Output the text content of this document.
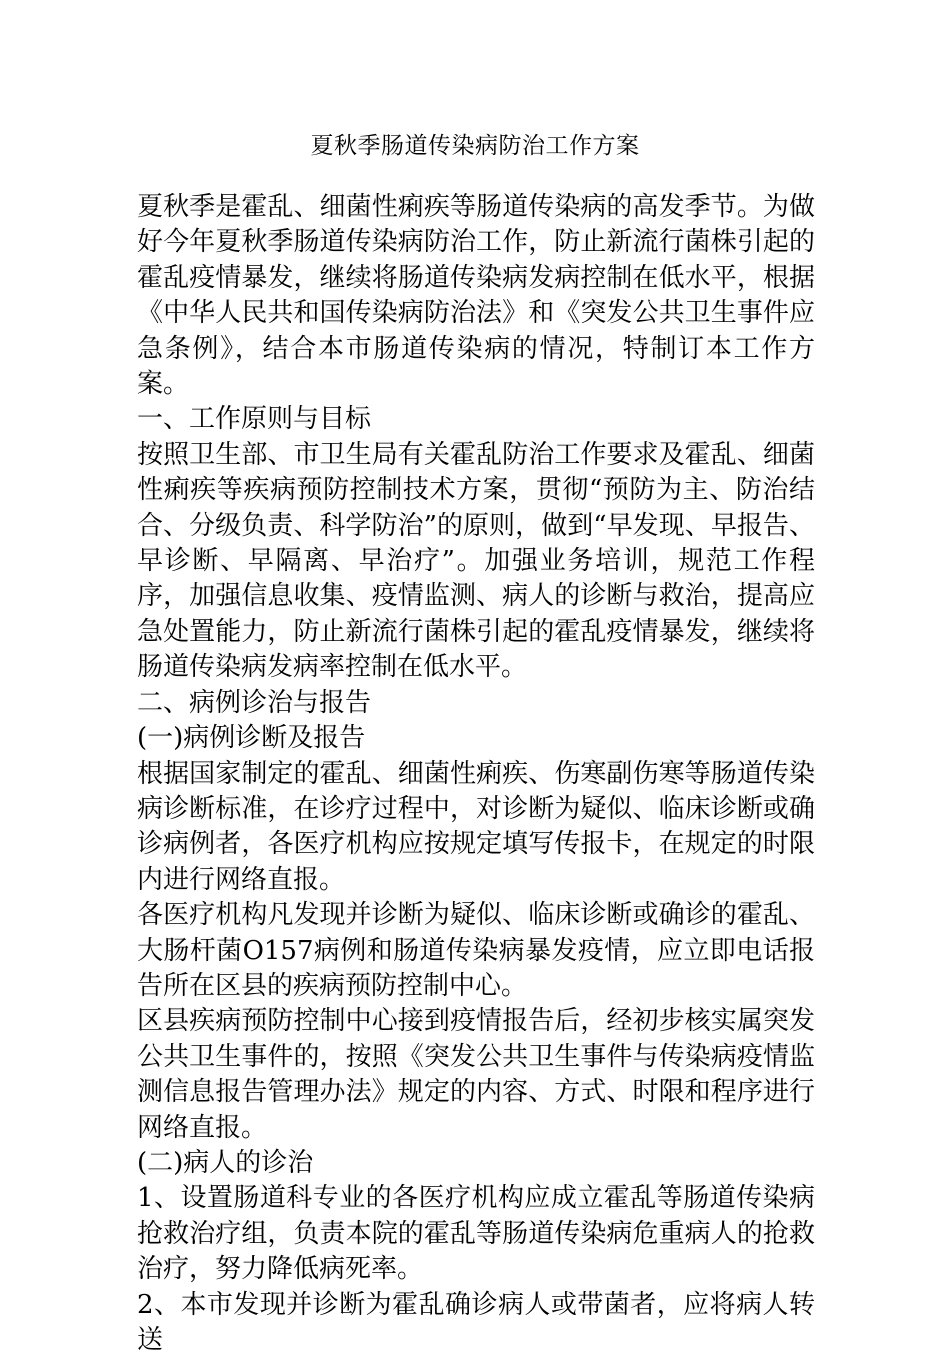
夏秋季肠道传染病防治工作方案

夏秋季是霍乱、细菌性痢疾等肠道传染病的高发季节。为做好今年夏秋季肠道传染病防治工作，防止新流行菌株引起的霍乱疫情暴发，继续将肠道传染病发病控制在低水平，根据《中华人民共和国传染病防治法》和《突发公共卫生事件应急条例》，结合本市肠道传染病的情况，特制订本工作方案。

一、工作原则与目标

按照卫生部、市卫生局有关霍乱防治工作要求及霍乱、细菌性痢疾等疾病预防控制技术方案，贯彻“预防为主、防治结合、分级负责、科学防治”的原则，做到“早发现、早报告、早诊断、早隔离、早治疗”。加强业务培训，规范工作程序，加强信息收集、疫情监测、病人的诊断与救治，提高应急处置能力，防止新流行菌株引起的霍乱疫情暴发，继续将肠道传染病发病率控制在低水平。

二、病例诊治与报告

(一)病例诊断及报告

根据国家制定的霍乱、细菌性痢疾、伤寒副伤寒等肠道传染病诊断标准，在诊疗过程中，对诊断为疑似、临床诊断或确诊病例者，各医疗机构应按规定填写传报卡，在规定的时限内进行网络直报。

各医疗机构凡发现并诊断为疑似、临床诊断或确诊的霍乱、大肠杆菌O157病例和肠道传染病暴发疫情，应立即电话报告所在区县的疾病预防控制中心。

区县疾病预防控制中心接到疫情报告后，经初步核实属突发公共卫生事件的，按照《突发公共卫生事件与传染病疫情监测信息报告管理办法》规定的内容、方式、时限和程序进行网络直报。

(二)病人的诊治

1、设置肠道科专业的各医疗机构应成立霍乱等肠道传染病抢救治疗组，负责本院的霍乱等肠道传染病危重病人的抢救治疗，努力降低病死率。

2、本市发现并诊断为霍乱确诊病人或带菌者，应将病人转送
